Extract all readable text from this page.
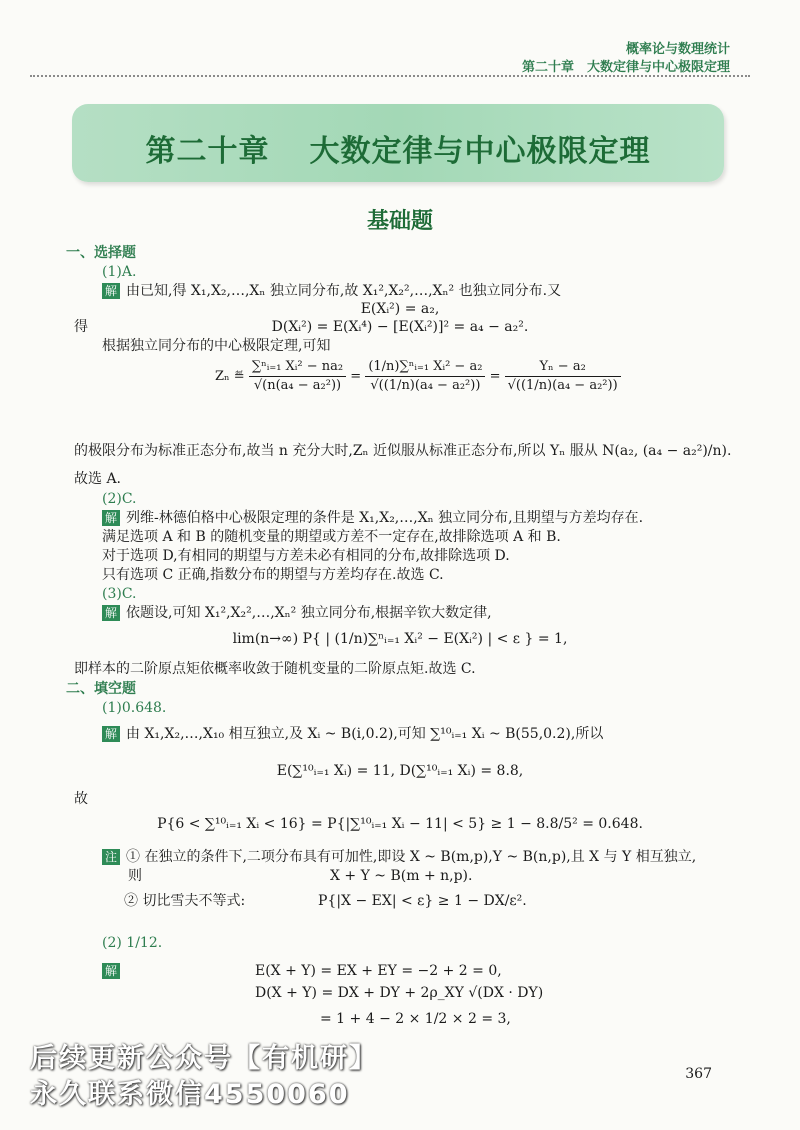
概率论与数理统计
第二十章　大数定律与中心极限定理
第二十章 大数定律与中心极限定理
基础题
一、选择题
(1)A.
解 由已知,得 X₁,X₂,…,Xₙ 独立同分布,故 X₁²,X₂²,…,Xₙ² 也独立同分布.又
E(Xᵢ²) = a₂,
得	D(Xᵢ²) = E(Xᵢ⁴) − [E(Xᵢ²)]² = a₄ − a₂².
根据独立同分布的中心极限定理,可知
Zₙ ≝ $\frac{\text{∑ⁿᵢ₌₁ Xᵢ² − na₂}}{\text{√(n(a₄ − a₂²))}} = \frac{\text{(1/n)∑ⁿᵢ₌₁ Xᵢ² − a₂}}{\text{√((1/n)(a₄ − a₂²))}} = \frac{\text{Yₙ − a₂}}{\text{√((1/n)(a₄ − a₂²))}}$
的极限分布为标准正态分布,故当 n 充分大时,Zₙ 近似服从标准正态分布,所以 Yₙ 服从 N(a₂, (a₄ − a₂²)/n).
故选 A.
(2)C.
解 列维-林德伯格中心极限定理的条件是 X₁,X₂,…,Xₙ 独立同分布,且期望与方差均存在.
满足选项 A 和 B 的随机变量的期望或方差不一定存在,故排除选项 A 和 B.
对于选项 D,有相同的期望与方差未必有相同的分布,故排除选项 D.
只有选项 C 正确,指数分布的期望与方差均存在.故选 C.
(3)C.
解 依题设,可知 X₁²,X₂²,…,Xₙ² 独立同分布,根据辛钦大数定律,
lim(n→∞) P{ | (1/n)∑ⁿᵢ₌₁ Xᵢ² − E(Xᵢ²) | < ε } = 1,
即样本的二阶原点矩依概率收敛于随机变量的二阶原点矩.故选 C.
二、填空题
(1)0.648.
解 由 X₁,X₂,…,X₁₀ 相互独立,及 Xᵢ ~ B(i,0.2),可知 ∑¹⁰ᵢ₌₁ Xᵢ ~ B(55,0.2),所以
E(∑¹⁰ᵢ₌₁ Xᵢ) = 11, D(∑¹⁰ᵢ₌₁ Xᵢ) = 8.8,
故
P{6 < ∑¹⁰ᵢ₌₁ Xᵢ < 16} = P{|∑¹⁰ᵢ₌₁ Xᵢ − 11| < 5} ≥ 1 − 8.8/5² = 0.648.
注 ① 在独立的条件下,二项分布具有可加性,即设 X ~ B(m,p),Y ~ B(n,p),且 X 与 Y 相互独立,
则	X + Y ~ B(m + n,p).
② 切比雪夫不等式:	P{|X − EX| < ε} ≥ 1 − DX/ε².
(2) 1/12.
解	E(X + Y) = EX + EY = −2 + 2 = 0,
D(X + Y) = DX + DY + 2ρ_XY √(DX · DY)
= 1 + 4 − 2 × 1/2 × 2 = 3,
367
后续更新公众号【有机研】
永久联系微信4550060
